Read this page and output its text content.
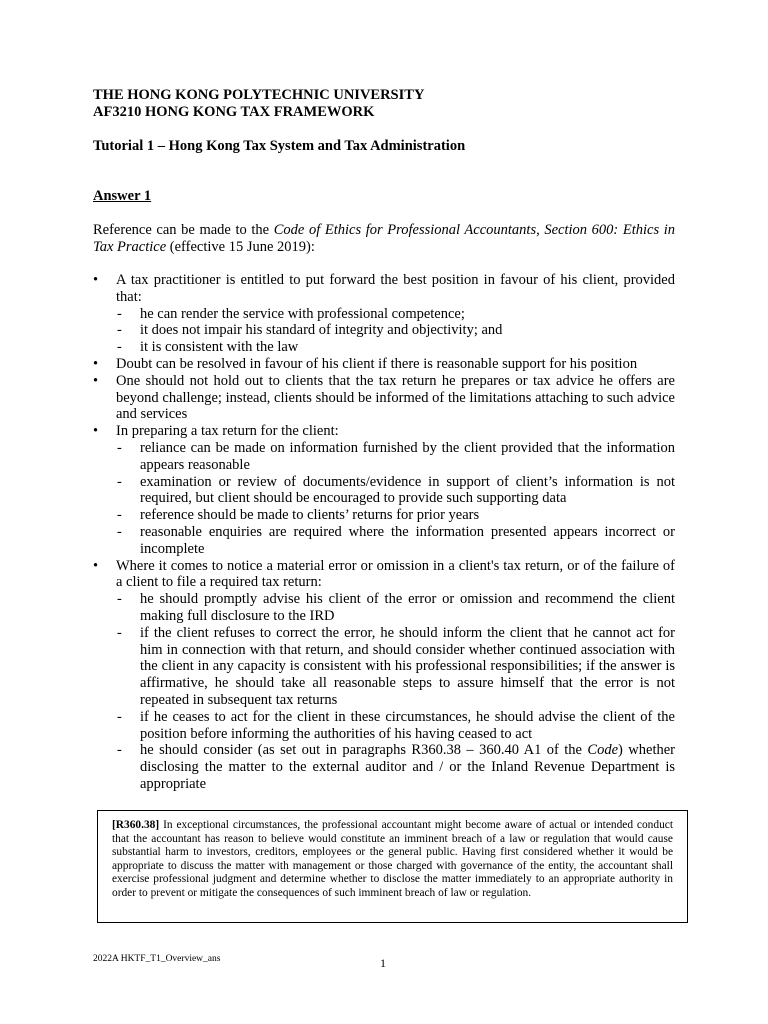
THE HONG KONG POLYTECHNIC UNIVERSITY
AF3210 HONG KONG TAX FRAMEWORK
Tutorial 1 – Hong Kong Tax System and Tax Administration
Answer 1
Reference can be made to the Code of Ethics for Professional Accountants, Section 600: Ethics in Tax Practice (effective 15 June 2019):
• A tax practitioner is entitled to put forward the best position in favour of his client, provided that:
- he can render the service with professional competence;
- it does not impair his standard of integrity and objectivity; and
- it is consistent with the law
• Doubt can be resolved in favour of his client if there is reasonable support for his position
• One should not hold out to clients that the tax return he prepares or tax advice he offers are beyond challenge; instead, clients should be informed of the limitations attaching to such advice and services
• In preparing a tax return for the client:
- reliance can be made on information furnished by the client provided that the information appears reasonable
- examination or review of documents/evidence in support of client’s information is not required, but client should be encouraged to provide such supporting data
- reference should be made to clients’ returns for prior years
- reasonable enquiries are required where the information presented appears incorrect or incomplete
• Where it comes to notice a material error or omission in a client's tax return, or of the failure of a client to file a required tax return:
- he should promptly advise his client of the error or omission and recommend the client making full disclosure to the IRD
- if the client refuses to correct the error, he should inform the client that he cannot act for him in connection with that return, and should consider whether continued association with the client in any capacity is consistent with his professional responsibilities; if the answer is affirmative, he should take all reasonable steps to assure himself that the error is not repeated in subsequent tax returns
- if he ceases to act for the client in these circumstances, he should advise the client of the position before informing the authorities of his having ceased to act
- he should consider (as set out in paragraphs R360.38 – 360.40 A1 of the Code) whether disclosing the matter to the external auditor and / or the Inland Revenue Department is appropriate
[R360.38] In exceptional circumstances, the professional accountant might become aware of actual or intended conduct that the accountant has reason to believe would constitute an imminent breach of a law or regulation that would cause substantial harm to investors, creditors, employees or the general public. Having first considered whether it would be appropriate to discuss the matter with management or those charged with governance of the entity, the accountant shall exercise professional judgment and determine whether to disclose the matter immediately to an appropriate authority in order to prevent or mitigate the consequences of such imminent breach of law or regulation.
2022A HKTF_T1_Overview_ans	1
